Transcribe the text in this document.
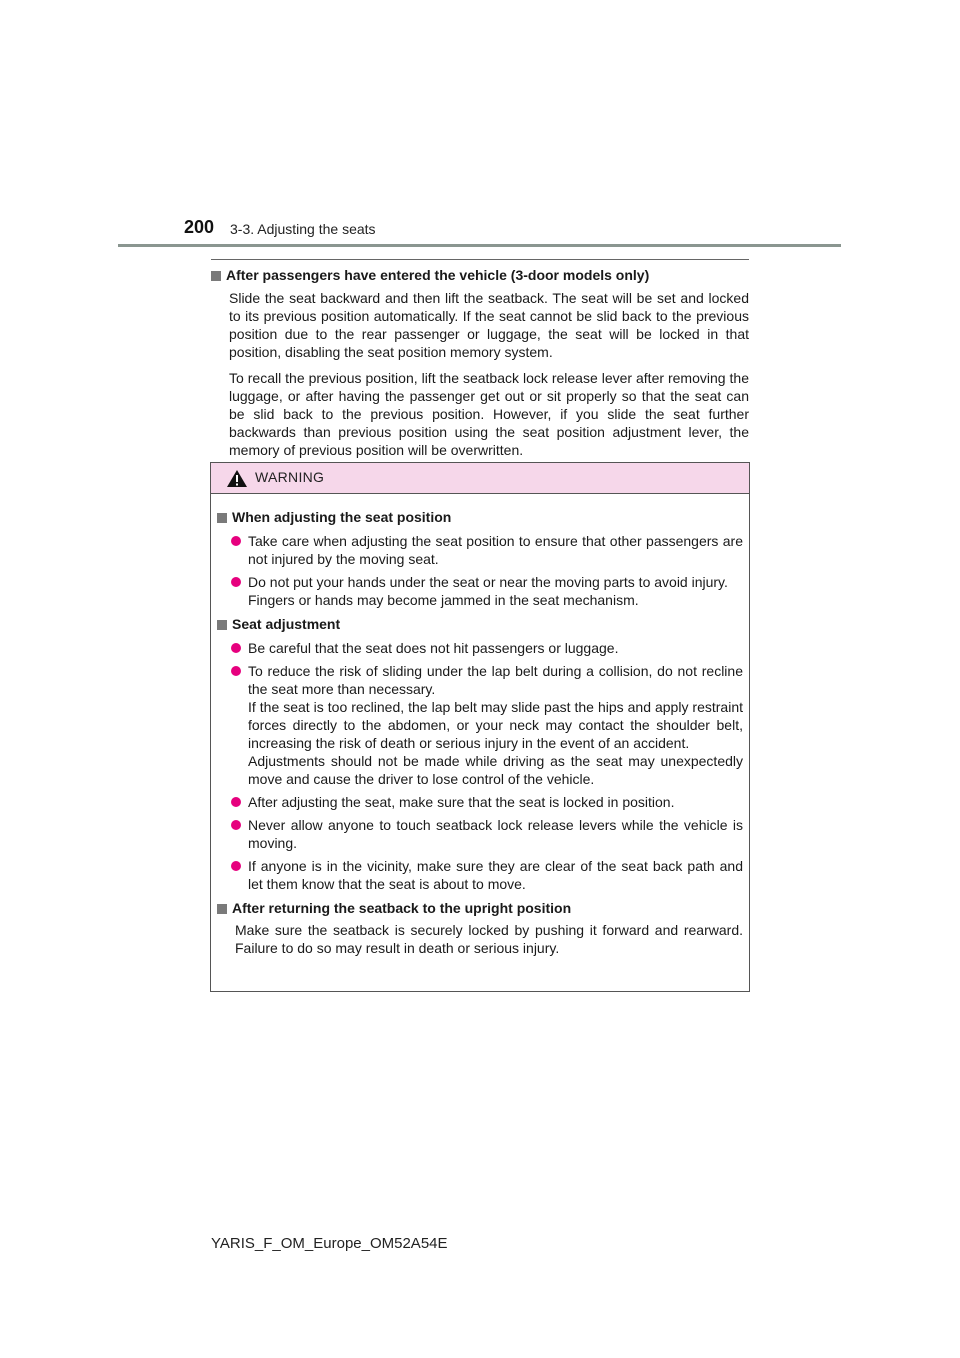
200 3-3. Adjusting the seats
After passengers have entered the vehicle (3-door models only)

Slide the seat backward and then lift the seatback. The seat will be set and locked to its previous position automatically. If the seat cannot be slid back to the previous position due to the rear passenger or luggage, the seat will be locked in that position, disabling the seat position memory system.

To recall the previous position, lift the seatback lock release lever after removing the luggage, or after having the passenger get out or sit properly so that the seat can be slid back to the previous position. However, if you slide the seat further backwards than previous position using the seat position adjustment lever, the memory of previous position will be overwritten.

WARNING
When adjusting the seat position

Take care when adjusting the seat position to ensure that other passengers are not injured by the moving seat.

Do not put your hands under the seat or near the moving parts to avoid injury.
Fingers or hands may become jammed in the seat mechanism.

Seat adjustment

Be careful that the seat does not hit passengers or luggage.

To reduce the risk of sliding under the lap belt during a collision, do not recline the seat more than necessary.
If the seat is too reclined, the lap belt may slide past the hips and apply restraint forces directly to the abdomen, or your neck may contact the shoulder belt, increasing the risk of death or serious injury in the event of an accident.
Adjustments should not be made while driving as the seat may unexpectedly move and cause the driver to lose control of the vehicle.

After adjusting the seat, make sure that the seat is locked in position.

Never allow anyone to touch seatback lock release levers while the vehicle is moving.

If anyone is in the vicinity, make sure they are clear of the seat back path and let them know that the seat is about to move.

After returning the seatback to the upright position

Make sure the seatback is securely locked by pushing it forward and rearward. Failure to do so may result in death or serious injury.

YARIS_F_OM_Europe_OM52A54E
